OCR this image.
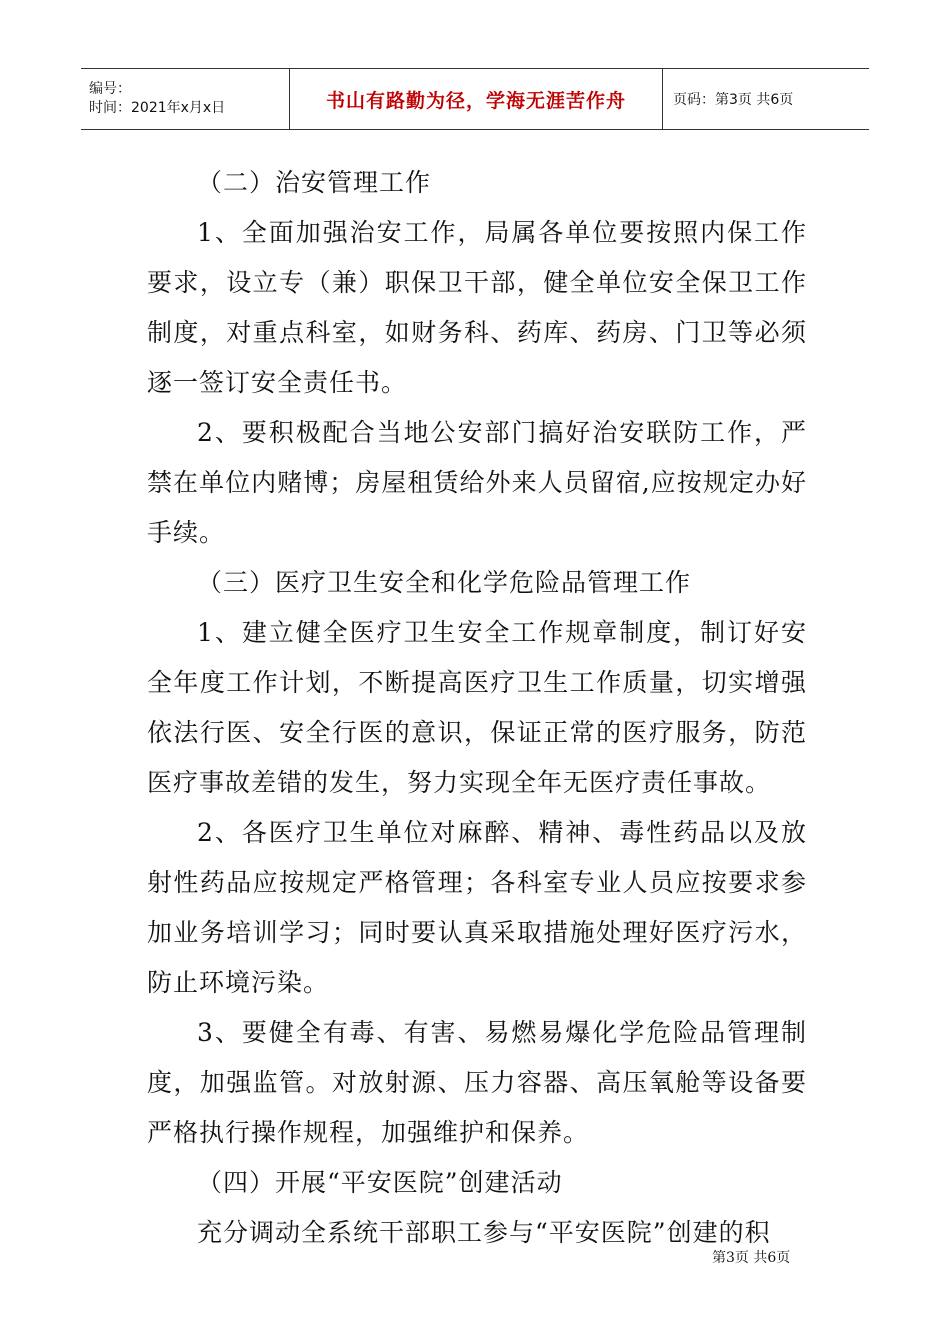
编号：
时间：2021年x月x日	书山有路勤为径，学海无涯苦作舟	页码：第3页 共6页

（二）治安管理工作

1、全面加强治安工作，局属各单位要按照内保工作要求，设立专（兼）职保卫干部，健全单位安全保卫工作制度，对重点科室，如财务科、药库、药房、门卫等必须逐一签订安全责任书。

2、要积极配合当地公安部门搞好治安联防工作，严禁在单位内赌博；房屋租赁给外来人员留宿,应按规定办好手续。

（三）医疗卫生安全和化学危险品管理工作

1、建立健全医疗卫生安全工作规章制度，制订好安全年度工作计划，不断提高医疗卫生工作质量，切实增强依法行医、安全行医的意识，保证正常的医疗服务，防范医疗事故差错的发生，努力实现全年无医疗责任事故。

2、各医疗卫生单位对麻醉、精神、毒性药品以及放射性药品应按规定严格管理；各科室专业人员应按要求参加业务培训学习；同时要认真采取措施处理好医疗污水，防止环境污染。

3、要健全有毒、有害、易燃易爆化学危险品管理制度，加强监管。对放射源、压力容器、高压氧舱等设备要严格执行操作规程，加强维护和保养。

（四）开展“平安医院”创建活动

充分调动全系统干部职工参与“平安医院”创建的积

第3页 共6页
